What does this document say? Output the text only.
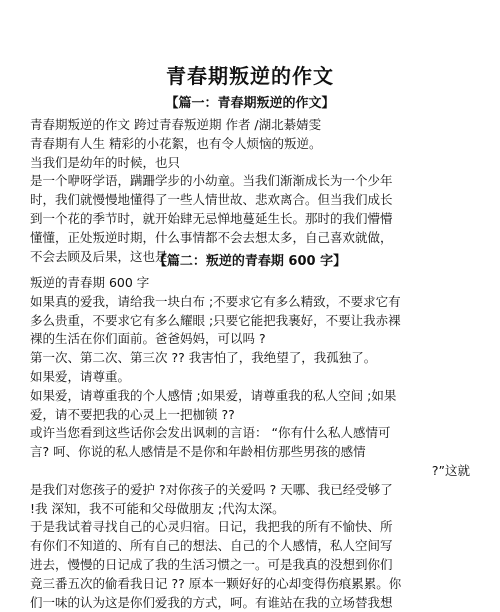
青春期叛逆的作文
【篇一：青春期叛逆的作文】
青春期叛逆的作文 跨过青春叛逆期 作者 /湖北綦婧雯
青春期有人生 精彩的小花絮，也有令人烦恼的叛逆。
当我们是幼年的时候，也只
是一个咿呀学语，蹒跚学步的小幼童。当我们渐渐成长为一个少年
时，我们就慢慢地懂得了一些人情世故、悲欢离合。但当我们成长
到一个花的季节时，就开始肆无忌惮地蔓延生长。那时的我们懵懵
懂懂，正处叛逆时期，什么事情都不会去想太多，自己喜欢就做，
不会去顾及后果，这也是
【篇二：叛逆的青春期 600 字】
叛逆的青春期 600 字
如果真的爱我，请给我一块白布 ;不要求它有多么精致，不要求它有
多么贵重，不要求它有多么耀眼 ;只要它能把我裹好，不要让我赤裸
裸的生活在你们面前。爸爸妈妈，可以吗 ?
第一次、第二次、第三次 ?? 我害怕了，我绝望了，我孤独了。
如果爱，请尊重。
如果爱，请尊重我的个人感情 ;如果爱，请尊重我的私人空间 ;如果
爱，请不要把我的心灵上一把枷锁 ??
或许当您看到这些话你会发出讽刺的言语： “你有什么私人感情可
言? 呵、你说的私人感情是不是你和年龄相仿那些男孩的感情
?”这就
是我们对您孩子的爱护 ?对你孩子的关爱吗 ? 天哪、我已经受够了
!我 深知，我不可能和父母做朋友 ;代沟太深。
于是我试着寻找自己的心灵归宿。日记，我把我的所有不愉快、所
有你们不知道的、所有自己的想法、自己的个人感情，私人空间写
进去，慢慢的日记成了我的生活习惯之一。可是我真的没想到你们
竟三番五次的偷看我日记 ?? 原本一颗好好的心却变得伤痕累累。你
们一味的认为这是你们爱我的方式，呵。有谁站在我的立场替我想
